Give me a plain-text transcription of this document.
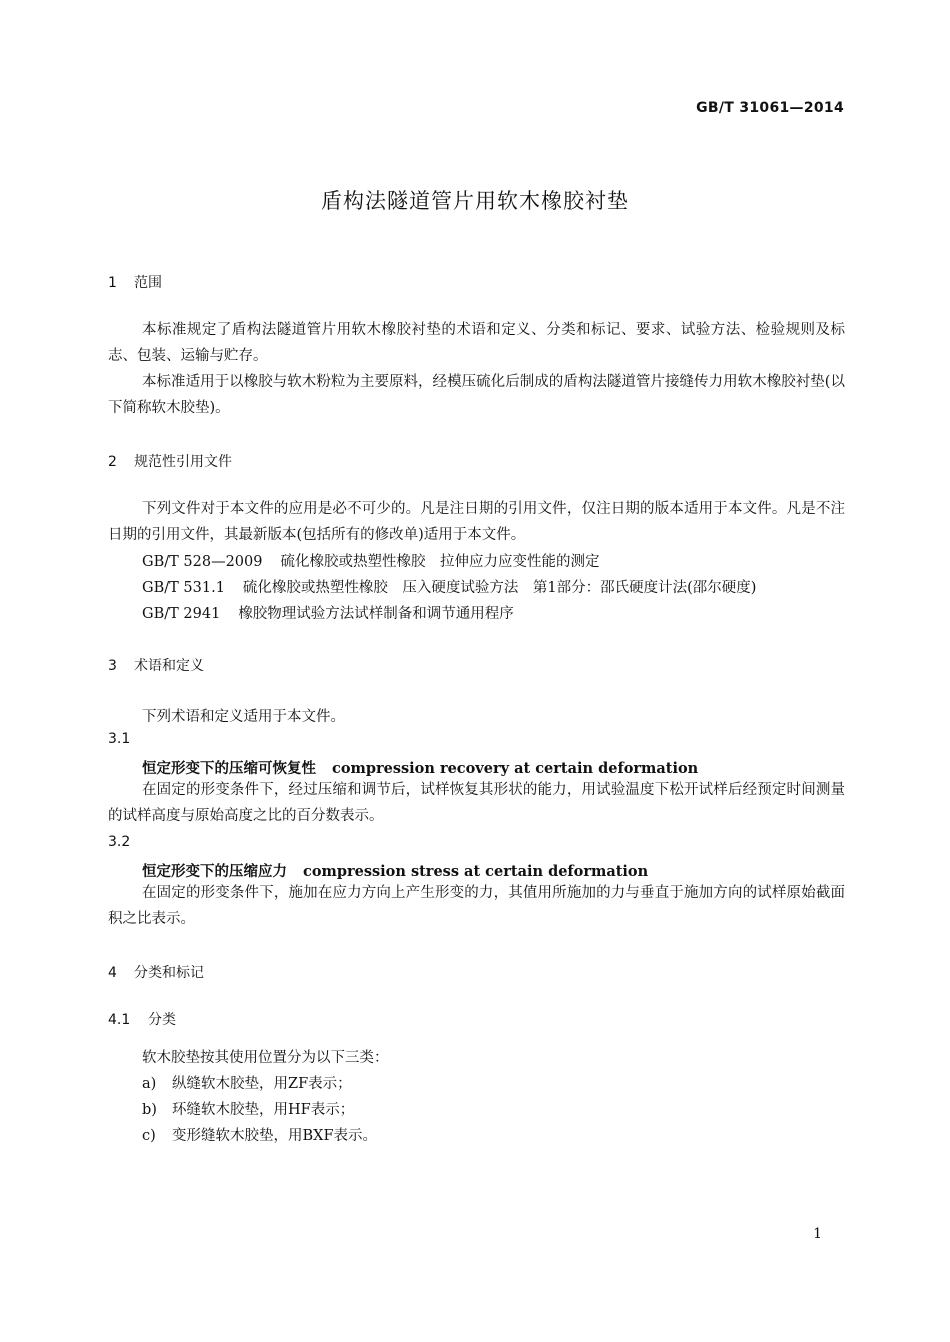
GB/T 31061—2014
盾构法隧道管片用软木橡胶衬垫
1 范围

本标准规定了盾构法隧道管片用软木橡胶衬垫的术语和定义、分类和标记、要求、试验方法、检验规则及标志、包装、运输与贮存。

本标准适用于以橡胶与软木粉粒为主要原料，经模压硫化后制成的盾构法隧道管片接缝传力用软木橡胶衬垫(以下简称软木胶垫)。

2 规范性引用文件

下列文件对于本文件的应用是必不可少的。凡是注日期的引用文件，仅注日期的版本适用于本文件。凡是不注日期的引用文件，其最新版本(包括所有的修改单)适用于本文件。

GB/T 528—2009 硫化橡胶或热塑性橡胶　拉伸应力应变性能的测定
GB/T 531.1 硫化橡胶或热塑性橡胶　压入硬度试验方法　第1部分：邵氏硬度计法(邵尔硬度)
GB/T 2941 橡胶物理试验方法试样制备和调节通用程序
3 术语和定义
下列术语和定义适用于本文件。
3.1
恒定形变下的压缩可恢复性 compression recovery at certain deformation

在固定的形变条件下，经过压缩和调节后，试样恢复其形状的能力，用试验温度下松开试样后经预定时间测量的试样高度与原始高度之比的百分数表示。

3.2
恒定形变下的压缩应力 compression stress at certain deformation

在固定的形变条件下，施加在应力方向上产生形变的力，其值用所施加的力与垂直于施加方向的试样原始截面积之比表示。

4 分类和标记
4.1 分类
软木胶垫按其使用位置分为以下三类：
a) 纵缝软木胶垫，用ZF表示；
b) 环缝软木胶垫，用HF表示；
c) 变形缝软木胶垫，用BXF表示。
1
